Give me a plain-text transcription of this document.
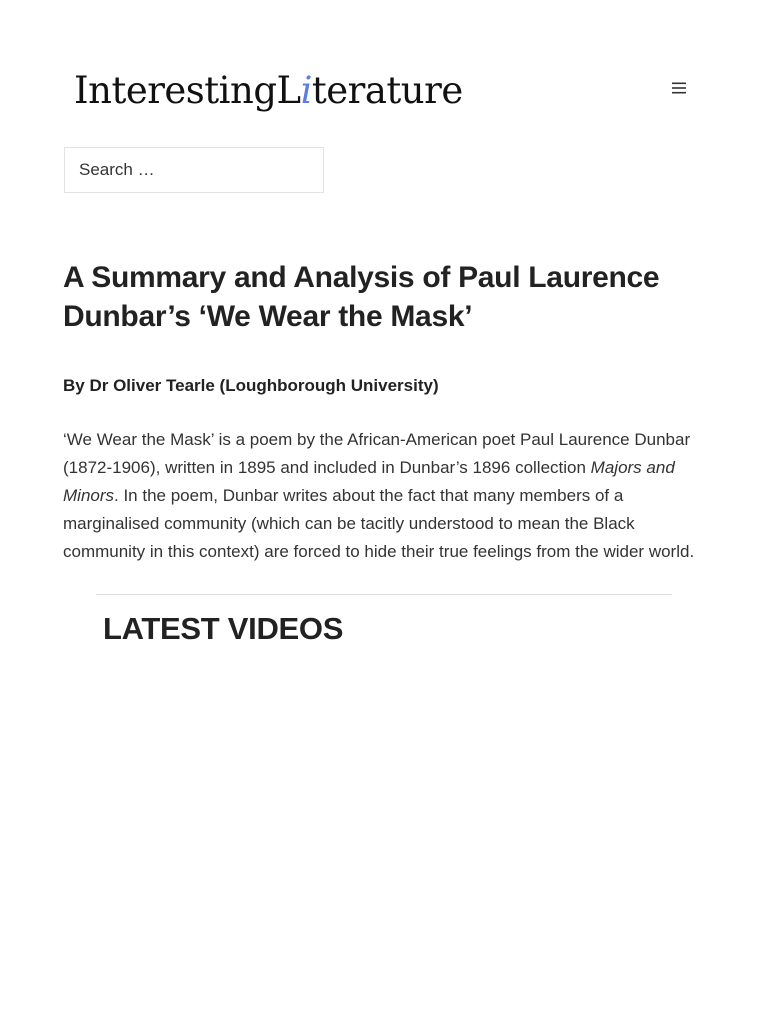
InterestingLiterature
Search …
A Summary and Analysis of Paul Laurence Dunbar’s ‘We Wear the Mask’

By Dr Oliver Tearle (Loughborough University)

‘We Wear the Mask’ is a poem by the African-American poet Paul Laurence Dunbar (1872-1906), written in 1895 and included in Dunbar’s 1896 collection Majors and Minors. In the poem, Dunbar writes about the fact that many members of a marginalised community (which can be tacitly understood to mean the Black community in this context) are forced to hide their true feelings from the wider world.

LATEST VIDEOS
